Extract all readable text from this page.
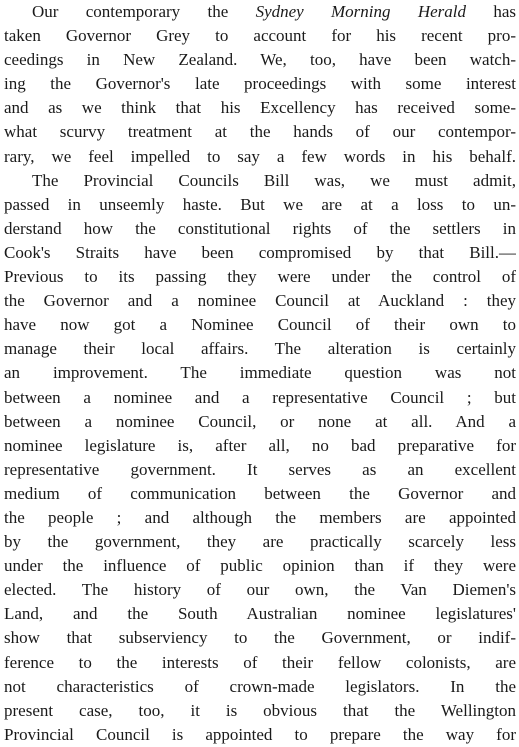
Our contemporary the Sydney Morning Herald has
taken Governor Grey to account for his recent pro-
ceedings in New Zealand. We, too, have been watch-
ing the Governor's late proceedings with some interest
and as we think that his Excellency has received some-
what scurvy treatment at the hands of our contempor-
rary, we feel impelled to say a few words in his behalf.
The Provincial Councils Bill was, we must admit,
passed in unseemly haste. But we are at a loss to un-
derstand how the constitutional rights of the settlers in
Cook's Straits have been compromised by that Bill.—
Previous to its passing they were under the control of
the Governor and a nominee Council at Auckland : they
have now got a Nominee Council of their own to
manage their local affairs. The alteration is certainly
an improvement. The immediate question was not
between a nominee and a representative Council ; but
between a nominee Council, or none at all. And a
nominee legislature is, after all, no bad preparative for
representative government. It serves as an excellent
medium of communication between the Governor and
the people ; and although the members are appointed
by the government, they are practically scarcely less
under the influence of public opinion than if they were
elected. The history of our own, the Van Diemen's
Land, and the South Australian nominee legislatures'
show that subserviency to the Government, or indif-
ference to the interests of their fellow colonists, are
not characteristics of crown-made legislators. In the
present case, too, it is obvious that the Wellington
Provincial Council is appointed to prepare the way for
